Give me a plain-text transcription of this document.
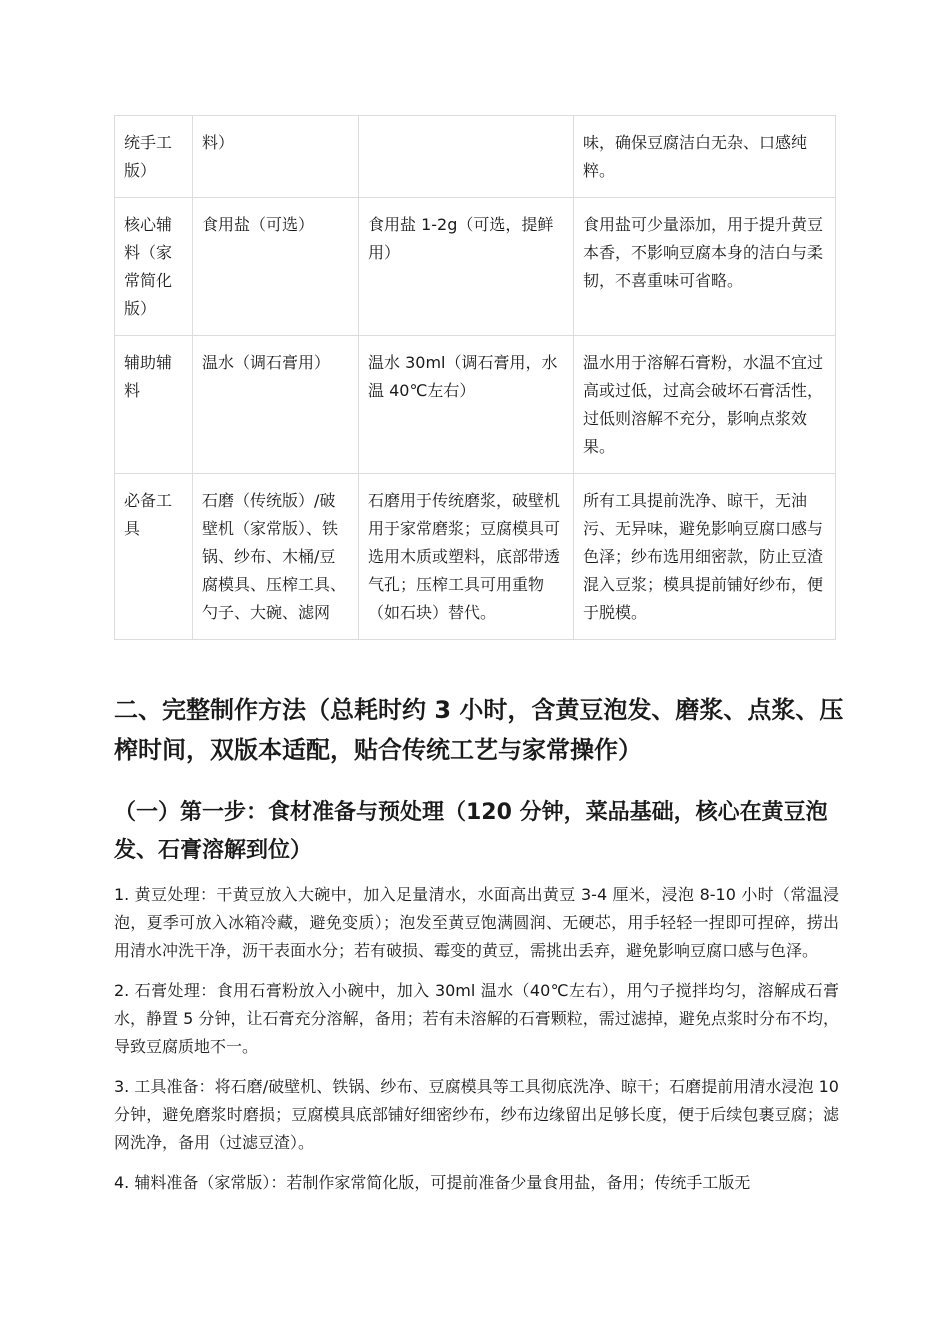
统手工版）	料）		味，确保豆腐洁白无杂、口感纯粹。
核心辅料（家常简化版）	食用盐（可选）	食用盐 1-2g（可选，提鲜用）	食用盐可少量添加，用于提升黄豆本香，不影响豆腐本身的洁白与柔韧，不喜重味可省略。
辅助辅料	温水（调石膏用）	温水 30ml（调石膏用，水温 40℃左右）	温水用于溶解石膏粉，水温不宜过高或过低，过高会破坏石膏活性，过低则溶解不充分，影响点浆效果。
必备工具	石磨（传统版）/破壁机（家常版）、铁锅、纱布、木桶/豆腐模具、压榨工具、勺子、大碗、滤网	石磨用于传统磨浆，破壁机用于家常磨浆；豆腐模具可选用木质或塑料，底部带透气孔；压榨工具可用重物（如石块）替代。	所有工具提前洗净、晾干，无油污、无异味，避免影响豆腐口感与色泽；纱布选用细密款，防止豆渣混入豆浆；模具提前铺好纱布，便于脱模。
二、完整制作方法（总耗时约 3 小时，含黄豆泡发、磨浆、点浆、压榨时间，双版本适配，贴合传统工艺与家常操作）
（一）第一步：食材准备与预处理（120 分钟，菜品基础，核心在黄豆泡发、石膏溶解到位）
1. 黄豆处理：干黄豆放入大碗中，加入足量清水，水面高出黄豆 3-4 厘米，浸泡 8-10 小时（常温浸泡，夏季可放入冰箱冷藏，避免变质）；泡发至黄豆饱满圆润、无硬芯，用手轻轻一捏即可捏碎，捞出用清水冲洗干净，沥干表面水分；若有破损、霉变的黄豆，需挑出丢弃，避免影响豆腐口感与色泽。
2. 石膏处理：食用石膏粉放入小碗中，加入 30ml 温水（40℃左右），用勺子搅拌均匀，溶解成石膏水，静置 5 分钟，让石膏充分溶解，备用；若有未溶解的石膏颗粒，需过滤掉，避免点浆时分布不均，导致豆腐质地不一。
3. 工具准备：将石磨/破壁机、铁锅、纱布、豆腐模具等工具彻底洗净、晾干；石磨提前用清水浸泡 10 分钟，避免磨浆时磨损；豆腐模具底部铺好细密纱布，纱布边缘留出足够长度，便于后续包裹豆腐；滤网洗净，备用（过滤豆渣）。
4. 辅料准备（家常版）：若制作家常简化版，可提前准备少量食用盐，备用；传统手工版无
